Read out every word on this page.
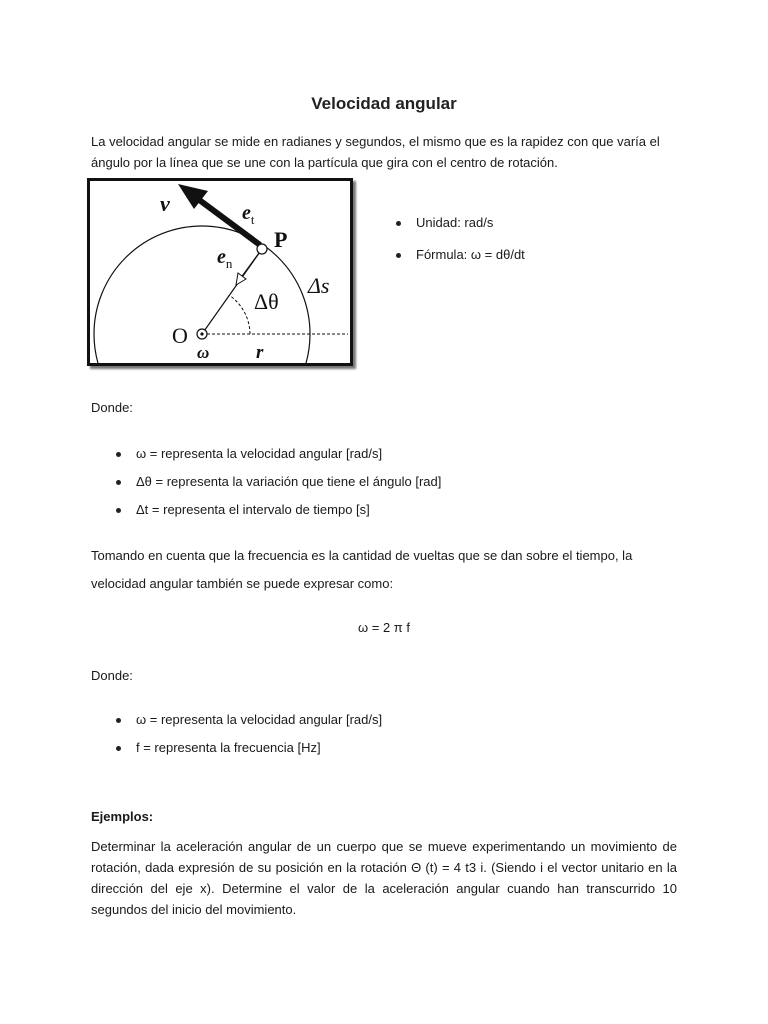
Velocidad angular

La velocidad angular se mide en radianes y segundos, el mismo que es la rapidez con que varía el ángulo por la línea que se une con la partícula que gira con el centro de rotación.

v	$e_t$
P
$e_n$
Δs
Δθ
O
ω r
Unidad: rad/s
Fórmula: ω = dθ/dt

Donde:

ω = representa la velocidad angular [rad/s]
Δθ = representa la variación que tiene el ángulo [rad]
Δt = representa el intervalo de tiempo [s]

Tomando en cuenta que la frecuencia es la cantidad de vueltas que se dan sobre el tiempo, la

velocidad angular también se puede expresar como:

ω = 2 π f

Donde:

ω = representa la velocidad angular [rad/s]
f = representa la frecuencia [Hz]

Ejemplos:

Determinar la aceleración angular de un cuerpo que se mueve experimentando un movimiento de rotación, dada expresión de su posición en la rotación Θ (t) = 4 t3 i. (Siendo i el vector unitario en la dirección del eje x). Determine el valor de la aceleración angular cuando han transcurrido 10 segundos del inicio del movimiento.
